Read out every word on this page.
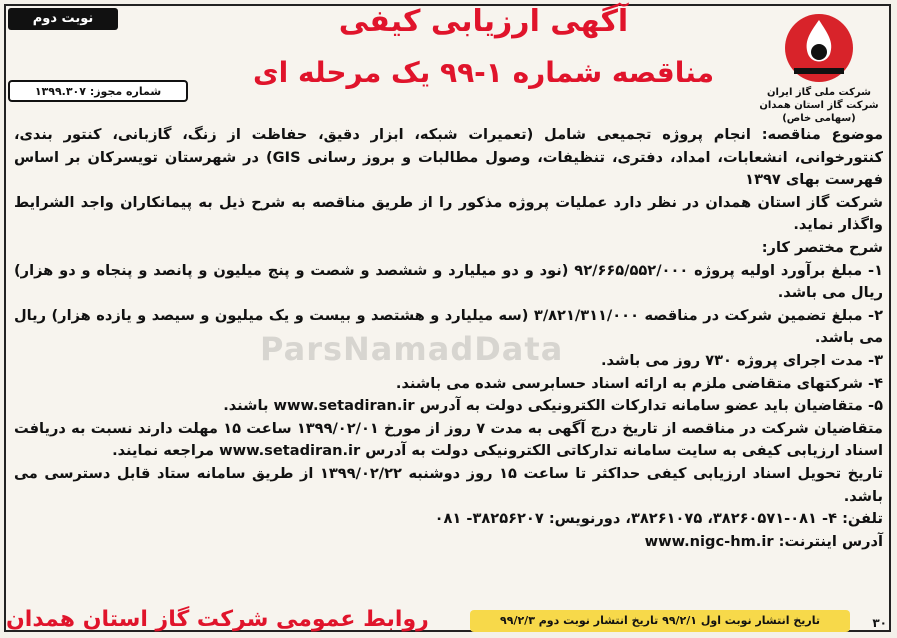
نوبت دوم
شماره مجوز: ۱۳۹۹.۳۰۷	شرکت ملی گاز ایران
شرکت گاز استان همدان (سهامی خاص)
آگهی ارزیابی کیفی
مناقصه شماره ۱-۹۹ یک مرحله ای
ParsNamadData

موضوع مناقصه: انجام پروژه تجمیعی شامل (تعمیرات شبکه، ابزار دقیق، حفاظت از زنگ، گازبانی، کنتور بندی، کنتورخوانی، انشعابات، امداد، دفتری، تنظیفات، وصول مطالبات و بروز رسانی GIS) در شهرستان تویسرکان بر اساس فهرست بهای ۱۳۹۷

شرکت گاز استان همدان در نظر دارد عملیات پروژه مذکور را از طریق مناقصه به شرح ذیل به پیمانکاران واجد الشرایط واگذار نماید.

شرح مختصر کار:

۱- مبلغ برآورد اولیه پروژه ۹۲/۶۶۵/۵۵۲/۰۰۰ (نود و دو میلیارد و ششصد و شصت و پنج میلیون و پانصد و پنجاه و دو هزار) ریال می باشد.

۲- مبلغ تضمین شرکت در مناقصه ۳/۸۲۱/۳۱۱/۰۰۰ (سه میلیارد و هشتصد و بیست و یک میلیون و سیصد و یازده هزار) ریال می باشد.

۳- مدت اجرای پروژه ۷۳۰ روز می باشد.

۴- شرکتهای متقاضی ملزم به ارائه اسناد حسابرسی شده می باشند.

۵- متقاضیان باید عضو سامانه تدارکات الکترونیکی دولت به آدرس www.setadiran.ir باشند.

متقاضیان شرکت در مناقصه از تاریخ درج آگهی به مدت ۷ روز از مورخ ۱۳۹۹/۰۲/۰۱ ساعت ۱۵ مهلت دارند نسبت به دریافت اسناد ارزیابی کیفی به سایت سامانه تدارکاتی الکترونیکی دولت به آدرس www.setadiran.ir مراجعه نمایند.

تاریخ تحویل اسناد ارزیابی کیفی حداکثر تا ساعت ۱۵ روز دوشنبه ۱۳۹۹/۰۲/۲۲ از طریق سامانه ستاد قابل دسترسی می باشد.

تلفن: ۴- ۰۸۱-۳۸۲۶۰۵۷۱، ۳۸۲۶۱۰۷۵، دورنویس: ۳۸۲۵۶۲۰۷- ۰۸۱

آدرس اینترنت: www.nigc-hm.ir

روابط عمومی شرکت گاز استان همدان	تاریخ انتشار نوبت اول ۹۹/۲/۱ تاریخ انتشار نوبت دوم ۹۹/۲/۳	۳۰
